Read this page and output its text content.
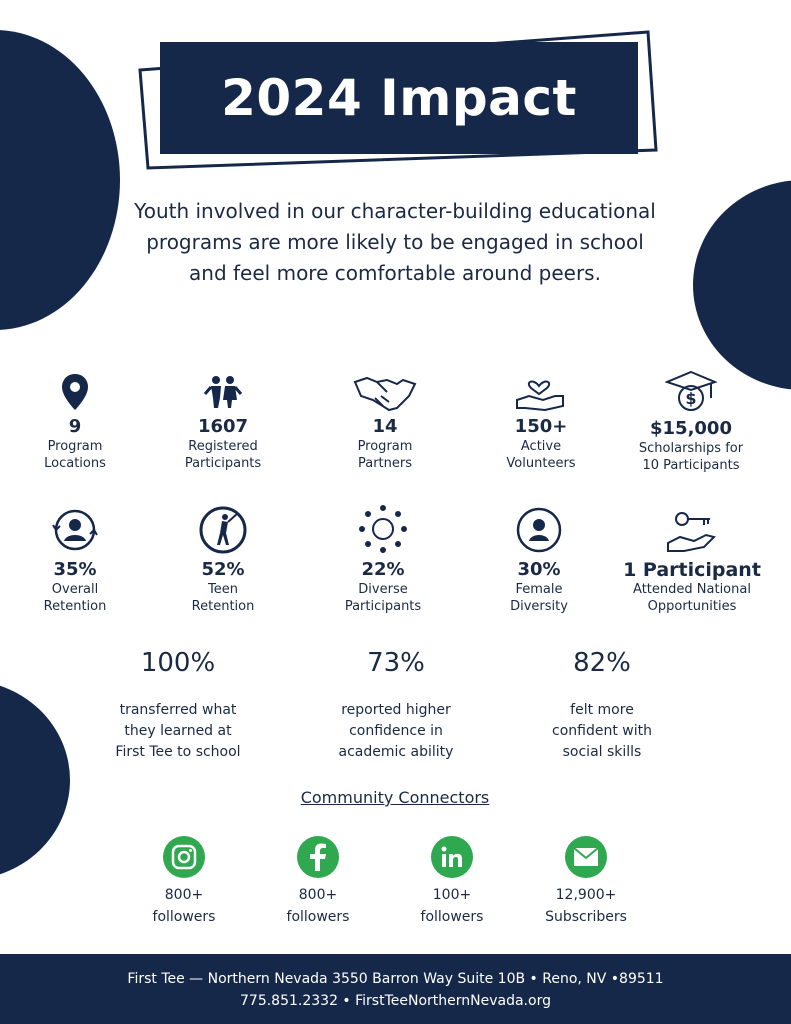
2024 Impact
Youth involved in our character-building educational programs are more likely to be engaged in school and feel more comfortable around peers.
9
Program
Locations
1607
Registered
Participants
14
Program
Partners
150+
Active
Volunteers
$
$15,000
Scholarships for
10 Participants
35%
Overall
Retention
52%
Teen
Retention
22%
Diverse
Participants
30%
Female
Diversity
1 Participant
Attended National
Opportunities
100%
transferred what
they learned at
First Tee to school
73%
reported higher
confidence in
academic ability
82%
felt more
confident with
social skills
Community Connectors
800+
followers
800+
followers
100+
followers
12,900+
Subscribers
First Tee — Northern Nevada 3550 Barron Way Suite 10B • Reno, NV •89511
775.851.2332 • FirstTeeNorthernNevada.org
